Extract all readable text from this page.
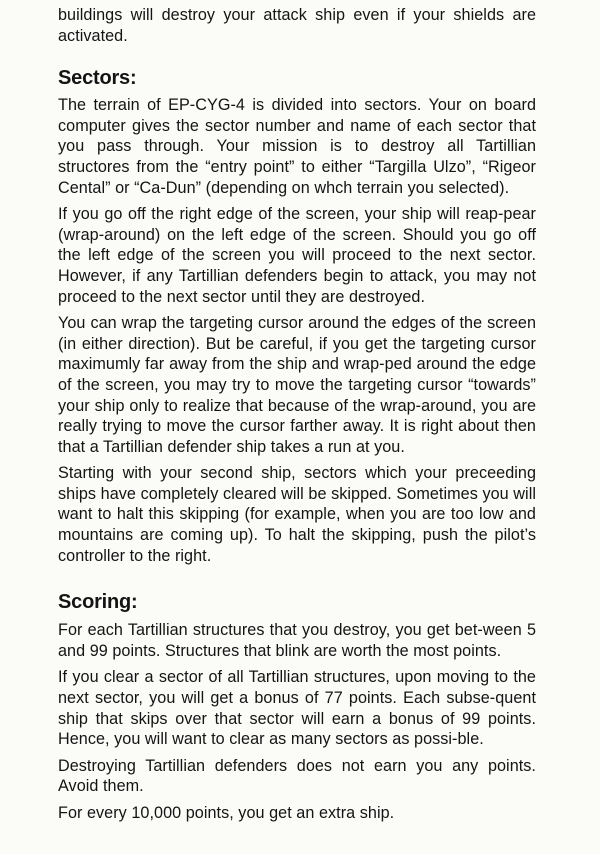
buildings will destroy your attack ship even if your shields are activated.

Sectors:

The terrain of EP-CYG-4 is divided into sectors. Your on board computer gives the sector number and name of each sector that you pass through. Your mission is to destroy all Tartillian structores from the “entry point” to either “Targilla Ulzo”, “Rigeor Cental” or “Ca-Dun” (depending on whch terrain you selected).

If you go off the right edge of the screen, your ship will reap-pear (wrap-around) on the left edge of the screen. Should you go off the left edge of the screen you will proceed to the next sector. However, if any Tartillian defenders begin to attack, you may not proceed to the next sector until they are destroyed.

You can wrap the targeting cursor around the edges of the screen (in either direction). But be careful, if you get the targeting cursor maximumly far away from the ship and wrap-ped around the edge of the screen, you may try to move the targeting cursor “towards” your ship only to realize that because of the wrap-around, you are really trying to move the cursor farther away. It is right about then that a Tartillian defender ship takes a run at you.

Starting with your second ship, sectors which your preceeding ships have completely cleared will be skipped. Sometimes you will want to halt this skipping (for example, when you are too low and mountains are coming up). To halt the skipping, push the pilot’s controller to the right.

Scoring:

For each Tartillian structures that you destroy, you get bet-ween 5 and 99 points. Structures that blink are worth the most points.

If you clear a sector of all Tartillian structures, upon moving to the next sector, you will get a bonus of 77 points. Each subse-quent ship that skips over that sector will earn a bonus of 99 points. Hence, you will want to clear as many sectors as possi-ble.

Destroying Tartillian defenders does not earn you any points. Avoid them.

For every 10,000 points, you get an extra ship.
